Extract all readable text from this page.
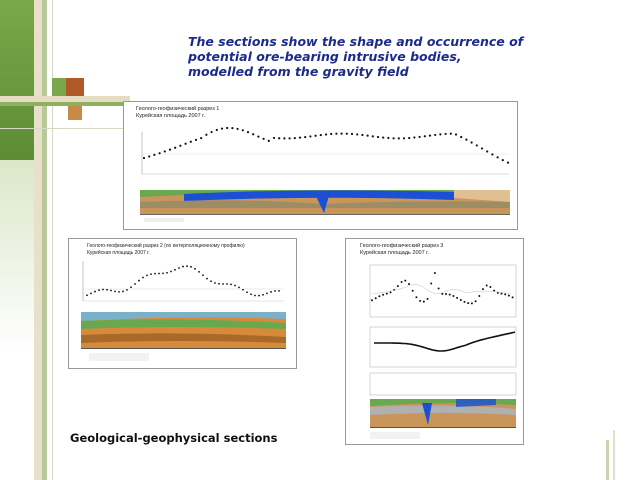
The sections show the shape and occurrence of potential ore-bearing intrusive bodies, modelled from the gravity field
Геолого-геофизический разрез 1
Курейская площадь 2007 г.
Геолого-геофизический разрез 2 (по интерполяционному профилю)
Курейская площадь 2007 г.
Геолого-геофизический разрез 3
Курейская площадь 2007 г.
Geological-geophysical sections
